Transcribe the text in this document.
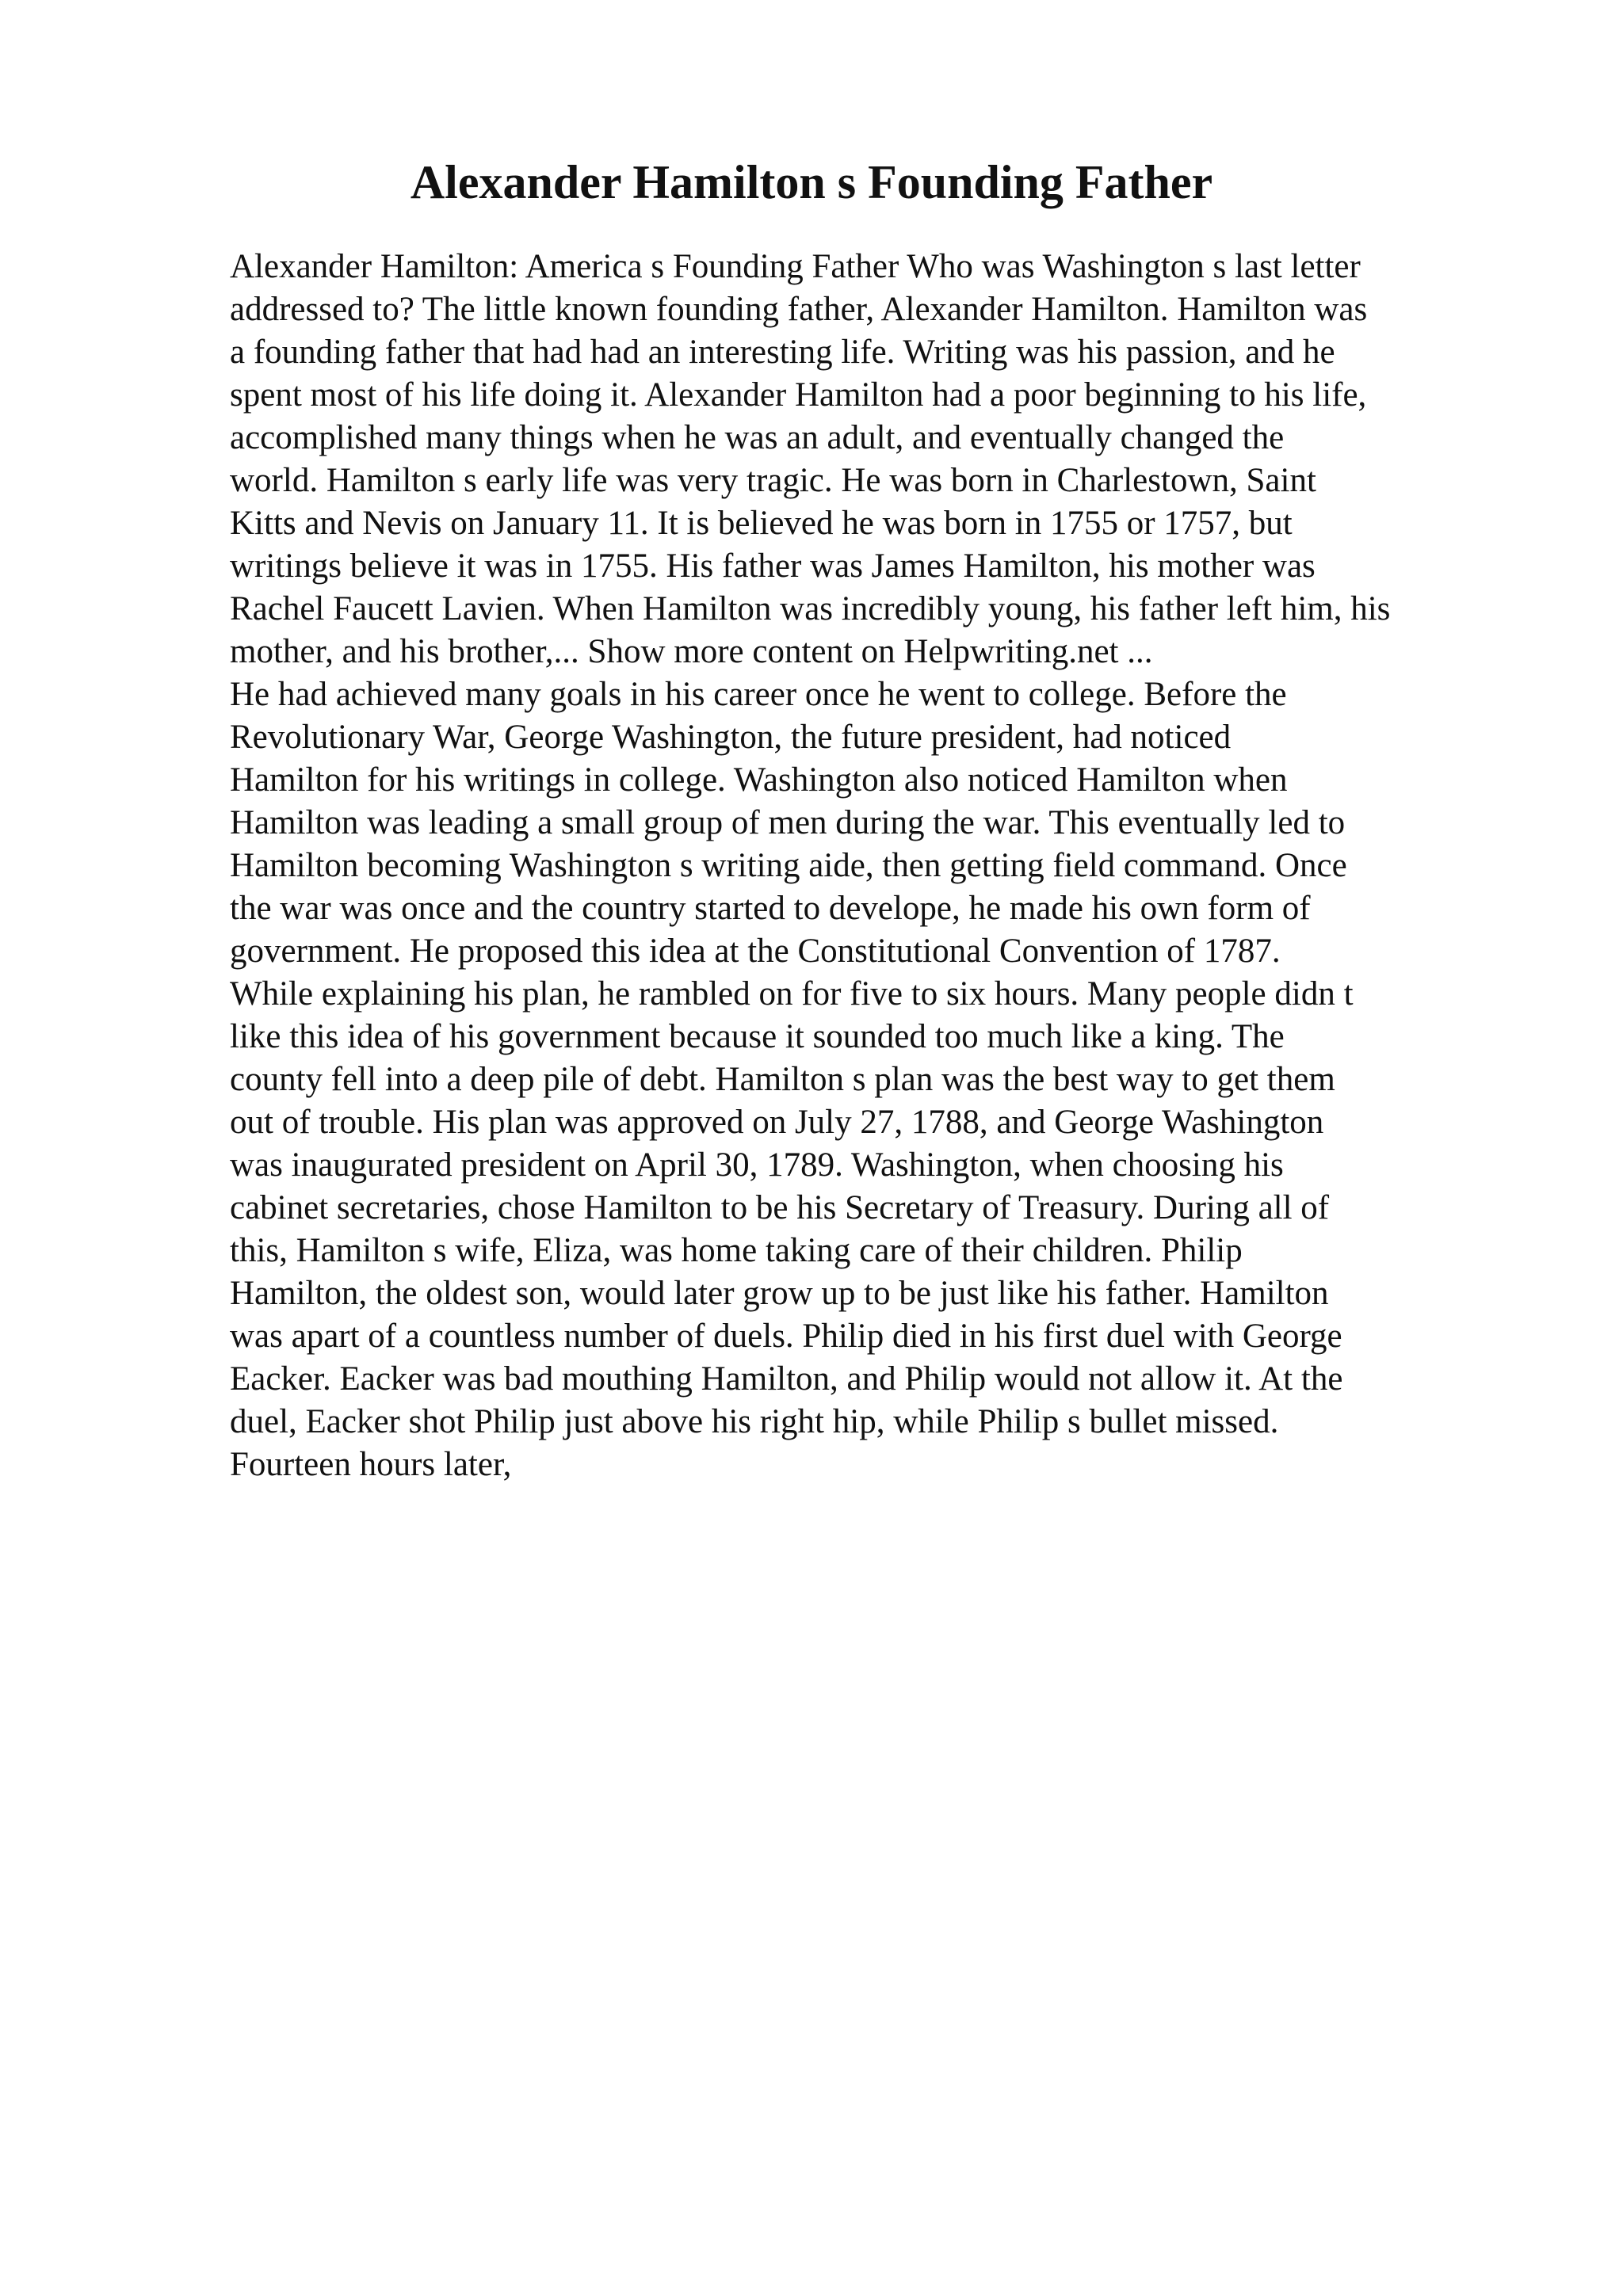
Alexander Hamilton s Founding Father
Alexander Hamilton: America s Founding Father Who was Washington s last letter
addressed to? The little known founding father, Alexander Hamilton. Hamilton was
a founding father that had had an interesting life. Writing was his passion, and he
spent most of his life doing it. Alexander Hamilton had a poor beginning to his life,
accomplished many things when he was an adult, and eventually changed the
world. Hamilton s early life was very tragic. He was born in Charlestown, Saint
Kitts and Nevis on January 11. It is believed he was born in 1755 or 1757, but
writings believe it was in 1755. His father was James Hamilton, his mother was
Rachel Faucett Lavien. When Hamilton was incredibly young, his father left him, his
mother, and his brother,... Show more content on Helpwriting.net ...
He had achieved many goals in his career once he went to college. Before the
Revolutionary War, George Washington, the future president, had noticed
Hamilton for his writings in college. Washington also noticed Hamilton when
Hamilton was leading a small group of men during the war. This eventually led to
Hamilton becoming Washington s writing aide, then getting field command. Once
the war was once and the country started to develope, he made his own form of
government. He proposed this idea at the Constitutional Convention of 1787.
While explaining his plan, he rambled on for five to six hours. Many people didn t
like this idea of his government because it sounded too much like a king. The
county fell into a deep pile of debt. Hamilton s plan was the best way to get them
out of trouble. His plan was approved on July 27, 1788, and George Washington
was inaugurated president on April 30, 1789. Washington, when choosing his
cabinet secretaries, chose Hamilton to be his Secretary of Treasury. During all of
this, Hamilton s wife, Eliza, was home taking care of their children. Philip
Hamilton, the oldest son, would later grow up to be just like his father. Hamilton
was apart of a countless number of duels. Philip died in his first duel with George
Eacker. Eacker was bad mouthing Hamilton, and Philip would not allow it. At the
duel, Eacker shot Philip just above his right hip, while Philip s bullet missed.
Fourteen hours later,
